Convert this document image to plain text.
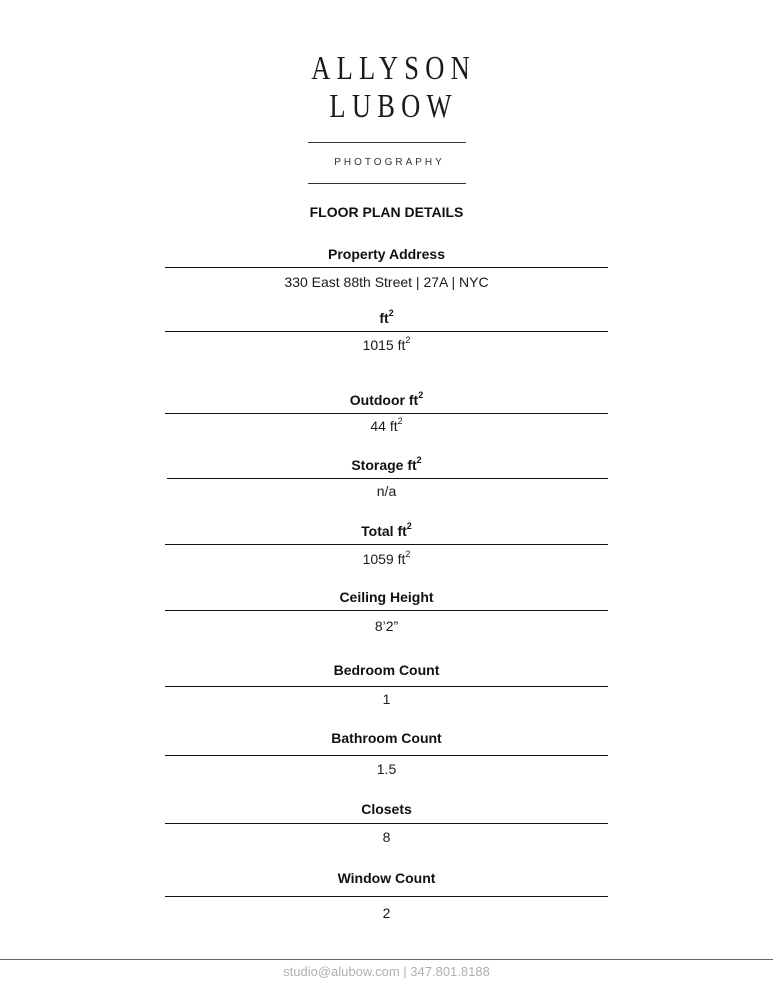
ALLYSON
LUBOW
PHOTOGRAPHY
FLOOR PLAN DETAILS
Property Address
330 East 88th Street | 27A | NYC
$ft^2$
1015 $ft^2$
Outdoor $ft^2$
44 $ft^2$
Storage $ft^2$
n/a
Total $ft^2$
1059 $ft^2$
Ceiling Height
8’2”
Bedroom Count
1
Bathroom Count
1.5
Closets
8
Window Count
2
studio@alubow.com | 347.801.8188
